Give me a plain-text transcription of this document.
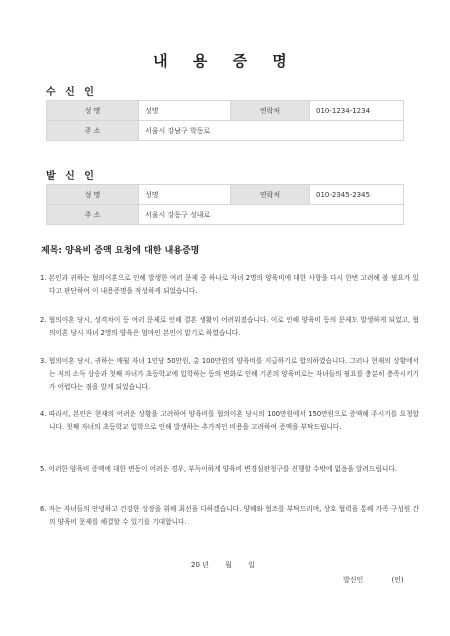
내 용 증 명
수 신 인
성 명	성명	연락처	010-1234-1234
주 소	서울시 강남구 학동로		
발 신 인
성 명	성명	연락처	010-2345-2345
주 소	서울시 강동구 성내로		
제목: 양육비 증액 요청에 대한 내용증명
1. 본인과 귀하는 협의이혼으로 인해 발생한 여러 문제 중 하나로 자녀 2명의 양육비에 대한 사항을 다시 한번 고려해 볼 필요가 있다고 판단하여 이 내용증명을 작성하게 되었습니다.
2. 협의이혼 당시, 성격차이 등 여러 문제로 인해 결혼 생활이 어려워졌습니다. 이로 인해 양육비 등의 문제도 발생하게 되었고, 협의이혼 당시 자녀 2명의 양육은 엄마인 본인이 맡기로 하였습니다.
3. 협의이혼 당시, 귀하는 매월 자녀 1인당 50만원, 총 100만원의 양육비를 지급하기로 합의하였습니다. 그러나 현재의 상황에서는 저의 소득 상승과 첫째 자녀가 초등학교에 입학하는 등의 변화로 인해 기존의 양육비로는 자녀들의 필요를 충분히 충족시키기가 어렵다는 점을 알게 되었습니다.
4. 따라서, 본인은 현재의 어려운 상황을 고려하여 양육비를 협의이혼 당시의 100만원에서 150만원으로 증액해 주시기를 요청합니다. 첫째 자녀의 초등학교 입학으로 인해 발생하는 추가적인 비용을 고려하여 증액을 부탁드립니다.
5. 이러한 양육비 증액에 대한 변동이 어려운 경우, 부득이하게 양육비 변경심판청구를 진행할 수밖에 없음을 알려드립니다.
6. 저는 자녀들의 안녕하고 건강한 성장을 위해 최선을 다하겠습니다. 양해와 협조를 부탁드리며, 상호 협력을 통해 가족 구성원 간의 양육비 문제를 해결할 수 있기를 기대합니다.
20 년 월 일
발신인	(인)
